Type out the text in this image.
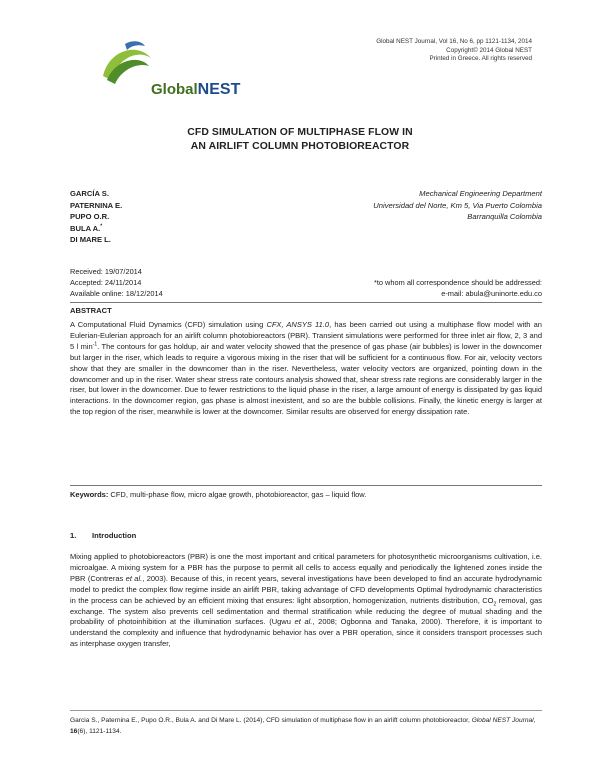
GlobalNEST
Global NEST Journal, Vol 16, No 6, pp 1121-1134, 2014
Copyright© 2014 Global NEST
Printed in Greece. All rights reserved
CFD SIMULATION OF MULTIPHASE FLOW IN
AN AIRLIFT COLUMN PHOTOBIOREACTOR
GARCÍA S.
PATERNINA E.
PUPO O.R.
BULA A.*
DI MARE L.
Mechanical Engineering Department
Universidad del Norte, Km 5, Via Puerto Colombia
Barranquilla Colombia
Received: 19/07/2014
Accepted: 24/11/2014
Available online: 18/12/2014
*to whom all correspondence should be addressed:
e-mail: abula@uninorte.edu.co
ABSTRACT
A Computational Fluid Dynamics (CFD) simulation using CFX, ANSYS 11.0, has been carried out using a multiphase flow model with an Eulerian-Eulerian approach for an airlift column photobioreactors (PBR). Transient simulations were performed for three inlet air flow, 2, 3 and 5 l $\min^{-1}$. The contours for gas holdup, air and water velocity showed that the presence of gas phase (air bubbles) is lower in the downcomer but larger in the riser, which leads to require a vigorous mixing in the riser that will be sufficient for a continuous flow. For air, velocity vectors show that they are smaller in the downcomer than in the riser. Nevertheless, water velocity vectors are organized, pointing down in the downcomer and up in the riser. Water shear stress rate contours analysis showed that, shear stress rate regions are considerably larger in the riser, but lower in the downcomer. Due to fewer restrictions to the liquid phase in the riser, a large amount of energy is dissipated by gas liquid interactions. In the downcomer region, gas phase is almost inexistent, and so are the bubble collisions. Finally, the kinetic energy is larger at the top region of the riser, meanwhile is lower at the downcomer. Similar results are observed for energy dissipation rate.
Keywords: CFD, multi-phase flow, micro algae growth, photobioreactor, gas – liquid flow.
1. Introduction
Mixing applied to photobioreactors (PBR) is one the most important and critical parameters for photosynthetic microorganisms cultivation, i.e. microalgae. A mixing system for a PBR has the purpose to permit all cells to access equally and periodically the lightened zones inside the PBR (Contreras et al., 2003). Because of this, in recent years, several investigations have been developed to find an accurate hydrodynamic model to predict the complex flow regime inside an airlift PBR, taking advantage of CFD developments Optimal hydrodynamic characteristics in the process can be achieved by an efficient mixing that ensures: light absorption, homogenization, nutrients distribution, $CO_2$ removal, gas exchange. The system also prevents cell sedimentation and thermal stratification while reducing the degree of mutual shading and the probability of photoinhibition at the illumination surfaces. (Ugwu et al., 2008; Ogbonna and Tanaka, 2000). Therefore, it is important to understand the complexity and influence that hydrodynamic behavior has over a PBR operation, since it considers transport processes such as interphase oxygen transfer,
Garcia S., Paternina E., Pupo O.R., Bula A. and Di Mare L. (2014), CFD simulation of multiphase flow in an airlift column photobioreactor, Global NEST Journal, 16(6), 1121-1134.
